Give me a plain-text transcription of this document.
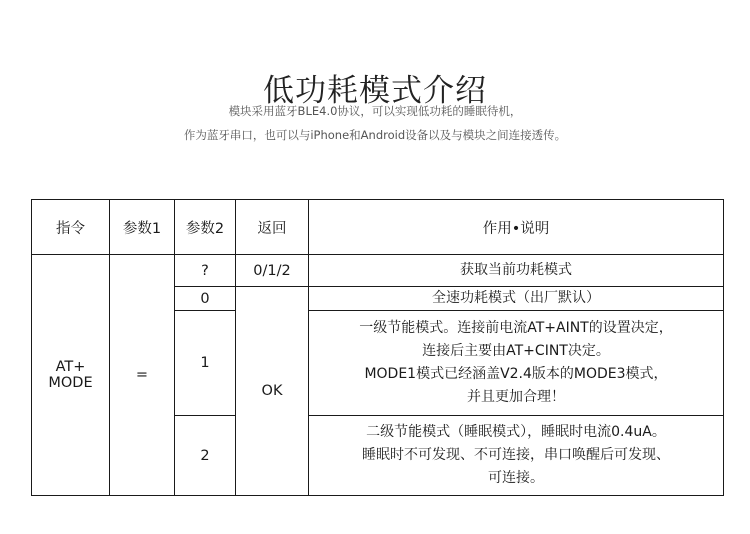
低功耗模式介绍
模块采用蓝牙BLE4.0协议，可以实现低功耗的睡眠待机，
作为蓝牙串口，也可以与iPhone和Android设备以及与模块之间连接透传。
指令	参数1	参数2	返回	作用•说明

AT+
MODE	=	?	0/1/2	获取当前功耗模式
		0	OK	全速功耗模式（出厂默认）
		1		一级节能模式。连接前电流AT+AINT的设置决定，
连接后主要由AT+CINT决定。
MODE1模式已经涵盖V2.4版本的MODE3模式，
并且更加合理！

		2		二级节能模式（睡眠模式），睡眠时电流0.4uA。
睡眠时不可发现、不可连接，串口唤醒后可发现、
可连接。
